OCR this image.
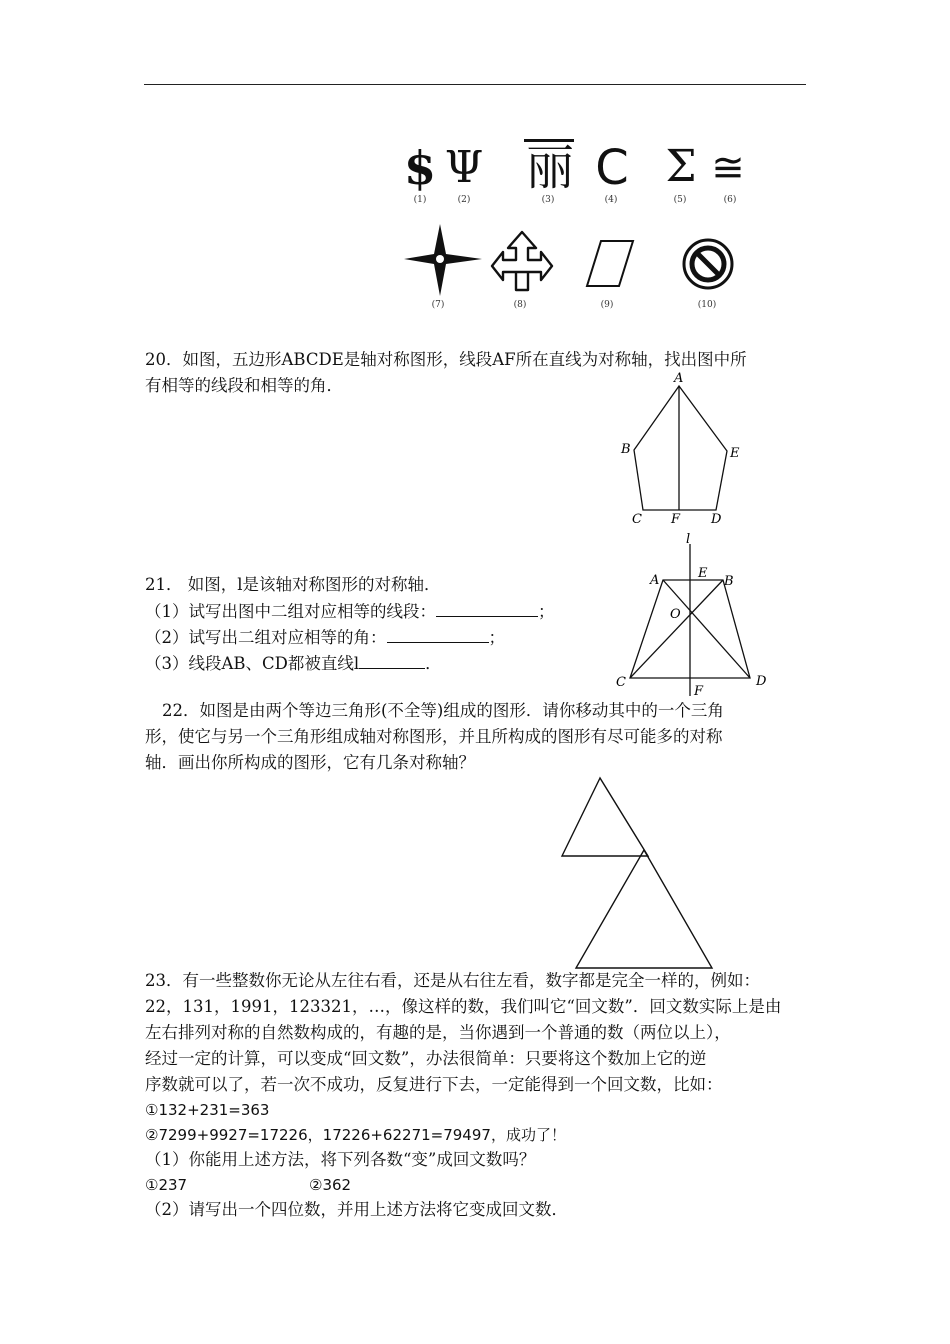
$ Ψ 丽 C Σ ≅
(1)	(2)	(3)	(4)	(5)	(6)
(7)	(8)	(9)	(10)
20．如图，五边形ABCDE是轴对称图形，线段AF所在直线为对称轴，找出图中所
有相等的线段和相等的角．	A
B	E
C F D
l
A	E
B
O
C
F
D
21． 如图，l是该轴对称图形的对称轴．
（1）试写出图中二组对应相等的线段：	；
（2）试写出二组对应相等的角：	；
（3）线段AB、CD都被直线l	．
22．如图是由两个等边三角形(不全等)组成的图形．请你移动其中的一个三角
形，使它与另一个三角形组成轴对称图形，并且所构成的图形有尽可能多的对称
轴．画出你所构成的图形，它有几条对称轴？
23．有一些整数你无论从左往右看，还是从右往左看，数字都是完全一样的，例如：
22，131，1991，123321，…，像这样的数，我们叫它“回文数”．回文数实际上是由
左右排列对称的自然数构成的，有趣的是，当你遇到一个普通的数（两位以上），
经过一定的计算，可以变成“回文数”，办法很简单：只要将这个数加上它的逆
序数就可以了，若一次不成功，反复进行下去，一定能得到一个回文数，比如：
①132+231=363
②7299+9927=17226，17226+62271=79497，成功了！
（1）你能用上述方法，将下列各数“变”成回文数吗？
①237	②362
（2）请写出一个四位数，并用上述方法将它变成回文数．
